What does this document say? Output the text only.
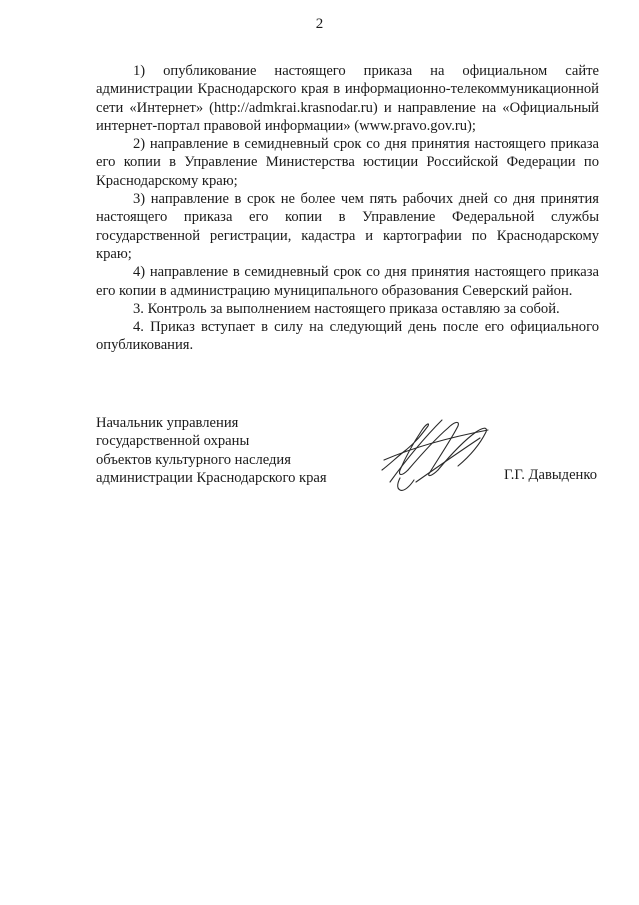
2

1) опубликование настоящего приказа на официальном сайте администрации Краснодарского края в информационно-телекоммуникационной сети «Интернет» (http://admkrai.krasnodar.ru) и направление на «Официальный интернет-портал правовой информации» (www.pravo.gov.ru);

2) направление в семидневный срок со дня принятия настоящего приказа его копии в Управление Министерства юстиции Российской Федерации по Краснодарскому краю;

3) направление в срок не более чем пять рабочих дней со дня принятия настоящего приказа его копии в Управление Федеральной службы государственной регистрации, кадастра и картографии по Краснодарскому краю;

4) направление в семидневный срок со дня принятия настоящего приказа его копии в администрацию муниципального образования Северский район.

3. Контроль за выполнением настоящего приказа оставляю за собой.

4. Приказ вступает в силу на следующий день после его официального опубликования.

Начальник управления
государственной охраны
объектов культурного наследия
администрации Краснодарского края	Г.Г. Давыденко
